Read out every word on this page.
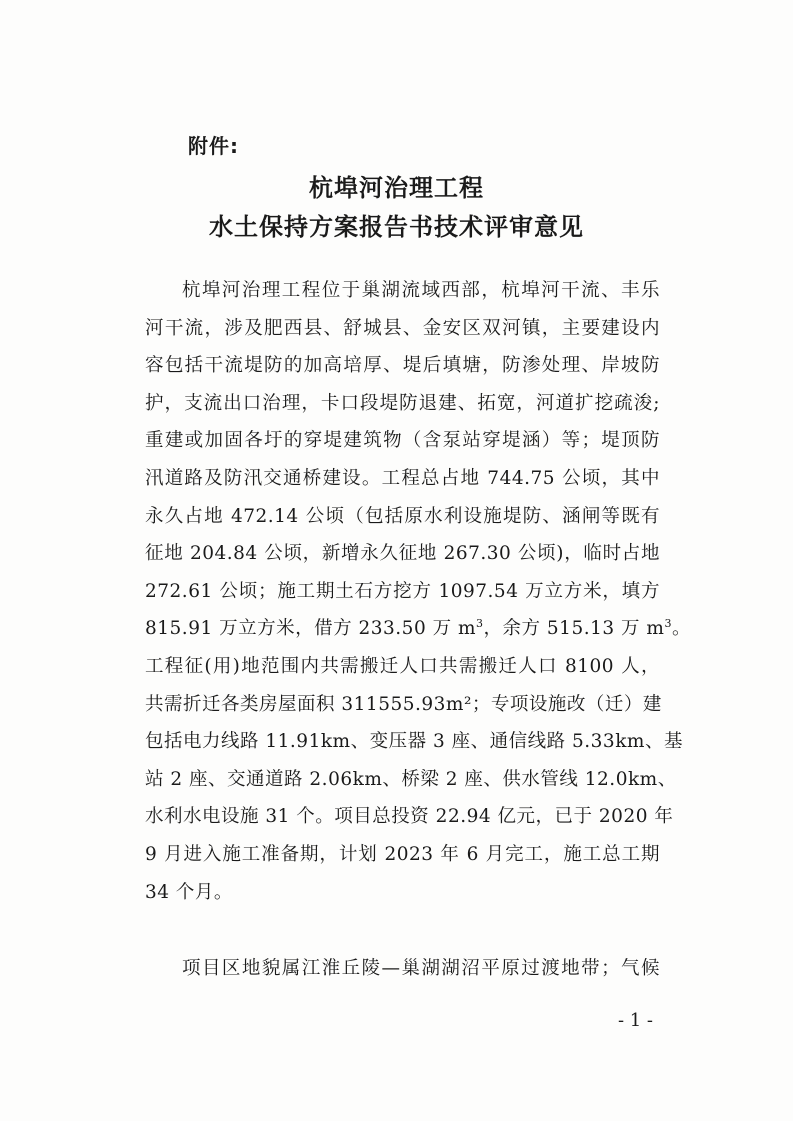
附件:
杭埠河治理工程
水土保持方案报告书技术评审意见
杭埠河治理工程位于巢湖流域西部，杭埠河干流、丰乐
河干流，涉及肥西县、舒城县、金安区双河镇，主要建设内
容包括干流堤防的加高培厚、堤后填塘，防渗处理、岸坡防
护，支流出口治理，卡口段堤防退建、拓宽，河道扩挖疏浚;
重建或加固各圩的穿堤建筑物（含泵站穿堤涵）等；堤顶防
汛道路及防汛交通桥建设。工程总占地 744.75 公顷，其中
永久占地 472.14 公顷（包括原水利设施堤防、涵闸等既有
征地 204.84 公顷，新增永久征地 267.30 公顷)，临时占地
272.61 公顷；施工期土石方挖方 1097.54 万立方米，填方
815.91 万立方米，借方 233.50 万 $m^3$，余方 515.13 万 $m^3$。
工程征(用)地范围内共需搬迁人口共需搬迁人口 8100 人，
共需折迁各类房屋面积 311555.93m²；专项设施改（迁）建
包括电力线路 11.91km、变压器 3 座、通信线路 5.33km、基
站 2 座、交通道路 2.06km、桥梁 2 座、供水管线 12.0km、
水利水电设施 31 个。项目总投资 22.94 亿元，已于 2020 年
9 月进入施工准备期，计划 2023 年 6 月完工，施工总工期
34 个月。
项目区地貌属江淮丘陵—巢湖湖沼平原过渡地带；气候
- 1 -
